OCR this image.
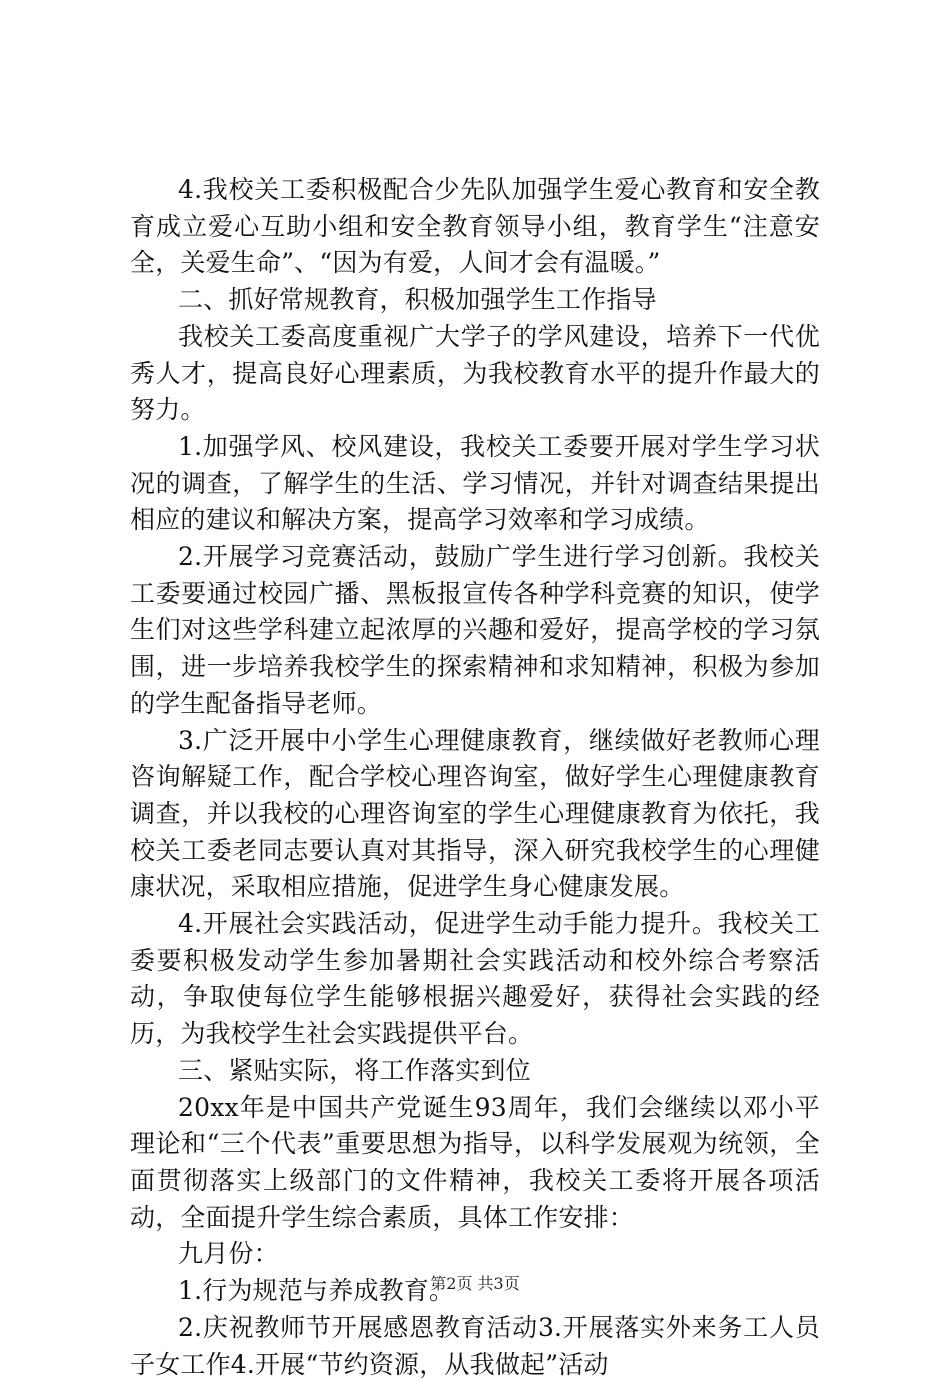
4.我校关工委积极配合少先队加强学生爱心教育和安全教育成立爱心互助小组和安全教育领导小组，教育学生“注意安全，关爱生命”、“因为有爱，人间才会有温暖。”

二、抓好常规教育，积极加强学生工作指导

我校关工委高度重视广大学子的学风建设，培养下一代优秀人才，提高良好心理素质，为我校教育水平的提升作最大的努力。

1.加强学风、校风建设，我校关工委要开展对学生学习状况的调查，了解学生的生活、学习情况，并针对调查结果提出相应的建议和解决方案，提高学习效率和学习成绩。

2.开展学习竞赛活动，鼓励广学生进行学习创新。我校关工委要通过校园广播、黑板报宣传各种学科竞赛的知识，使学生们对这些学科建立起浓厚的兴趣和爱好，提高学校的学习氛围，进一步培养我校学生的探索精神和求知精神，积极为参加的学生配备指导老师。

3.广泛开展中小学生心理健康教育，继续做好老教师心理咨询解疑工作，配合学校心理咨询室，做好学生心理健康教育调查，并以我校的心理咨询室的学生心理健康教育为依托，我校关工委老同志要认真对其指导，深入研究我校学生的心理健康状况，采取相应措施，促进学生身心健康发展。

4.开展社会实践活动，促进学生动手能力提升。我校关工委要积极发动学生参加暑期社会实践活动和校外综合考察活动，争取使每位学生能够根据兴趣爱好，获得社会实践的经历，为我校学生社会实践提供平台。

三、紧贴实际，将工作落实到位

20xx年是中国共产党诞生93周年，我们会继续以邓小平理论和“三个代表”重要思想为指导，以科学发展观为统领，全面贯彻落实上级部门的文件精神，我校关工委将开展各项活动，全面提升学生综合素质，具体工作安排：

九月份：

1.行为规范与养成教育。

2.庆祝教师节开展感恩教育活动3.开展落实外来务工人员子女工作4.开展“节约资源，从我做起”活动

第2页 共3页
